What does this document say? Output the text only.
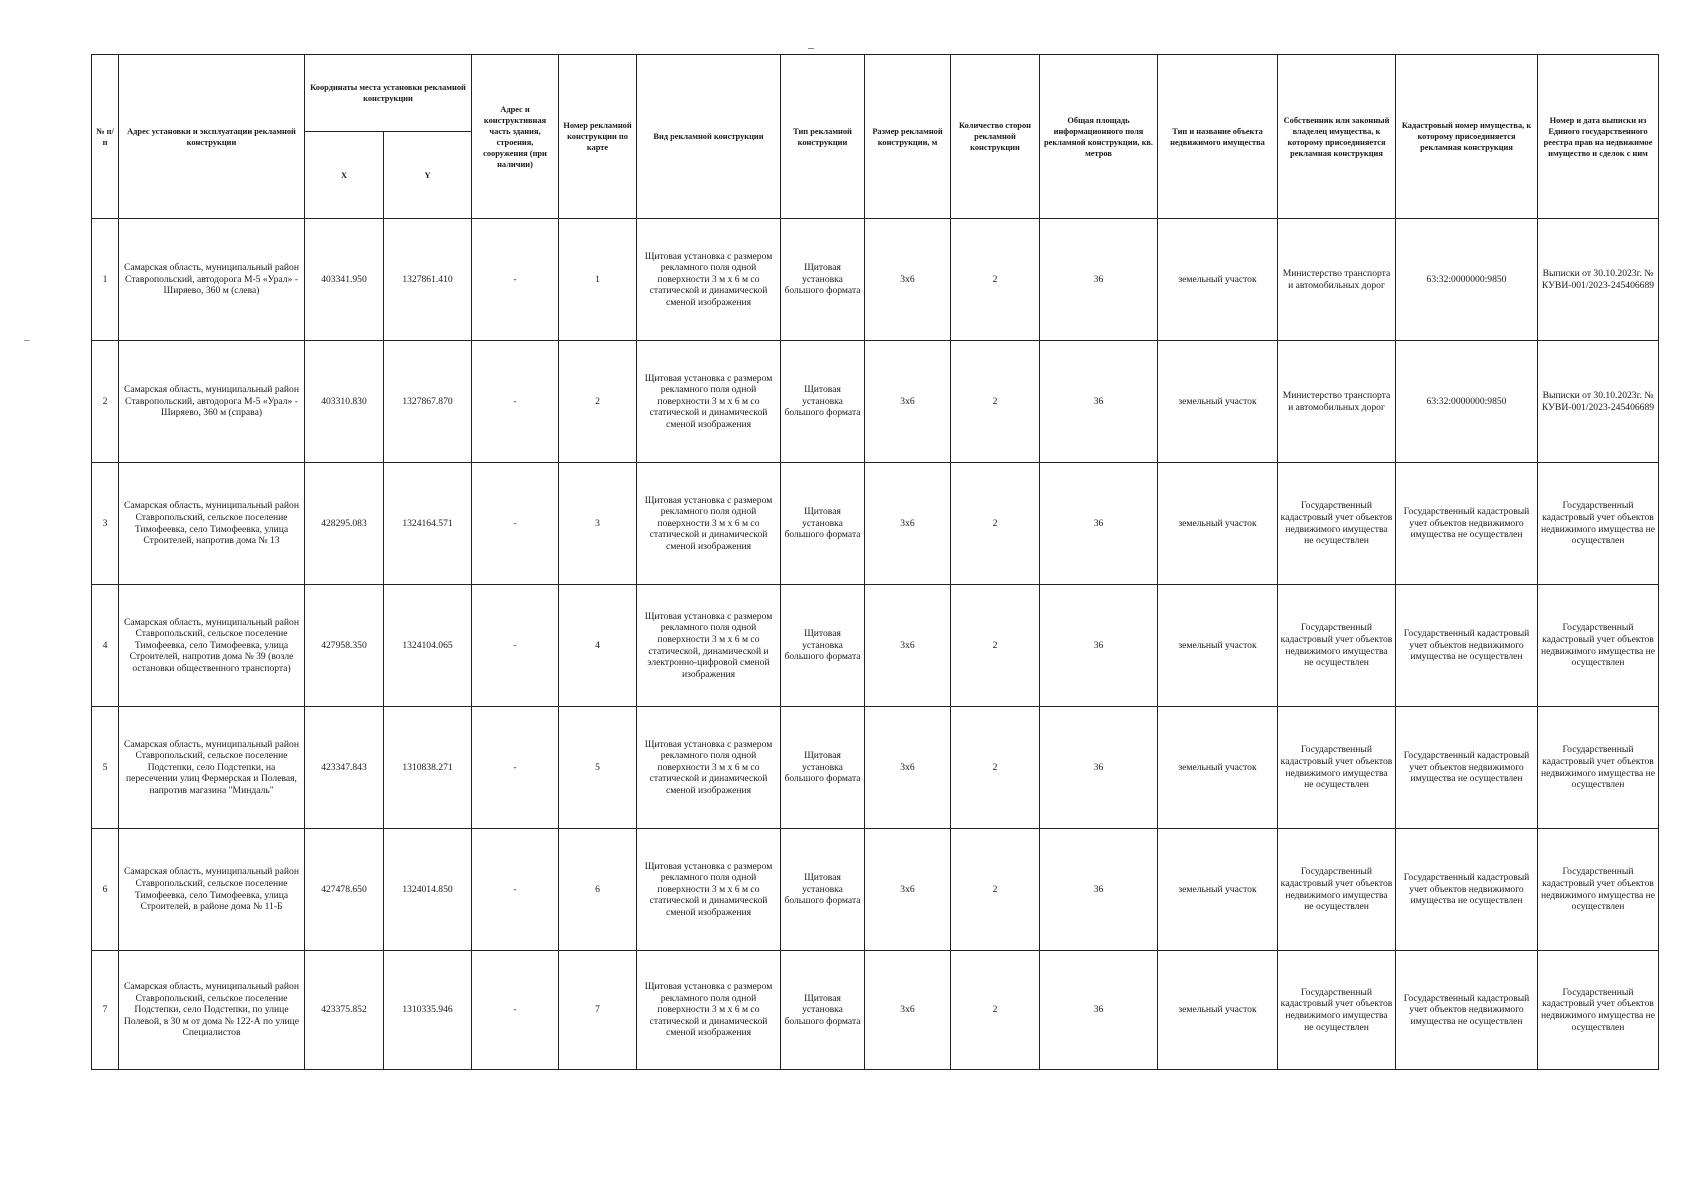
№ п/п	Адрес установки и эксплуатации рекламной конструкции	Координаты места установки рекламной конструкции		Адрес и конструктивная часть здания, строения, сооружения (при наличии)	Номер рекламной конструкции по карте	Вид рекламной конструкции	Тип рекламной конструкции	Размер рекламной конструкции, м	Количество сторон рекламной конструкции	Общая площадь информационного поля рекламной конструкции, кв. метров	Тип и название объекта недвижимого имущества	Собственник или законный владелец имущества, к которому присоединяется рекламная конструкция	Кадастровый номер имущества, к которому присоединяется рекламная конструкция	Номер и дата выписки из Единого государственного реестра прав на недвижимое имущество и сделок с ним
		X	Y											
1	Самарская область, муниципальный район Ставропольский, автодорога М-5 «Урал» - Ширяево, 360 м (слева)	403341.950	1327861.410	-	1	Щитовая установка с размером рекламного поля одной поверхности 3 м х 6 м со статической и динамической сменой изображения	Щитовая установка большого формата	3х6	2	36	земельный участок	Министерство транспорта и автомобильных дорог	63:32:0000000:9850	Выписки от 30.10.2023г. № КУВИ-001/2023-245406689
2	Самарская область, муниципальный район Ставропольский, автодорога М-5 «Урал» - Ширяево, 360 м (справа)	403310.830	1327867.870	-	2	Щитовая установка с размером рекламного поля одной поверхности 3 м х 6 м со статической и динамической сменой изображения	Щитовая установка большого формата	3х6	2	36	земельный участок	Министерство транспорта и автомобильных дорог	63:32:0000000:9850	Выписки от 30.10.2023г. № КУВИ-001/2023-245406689
3	Самарская область, муниципальный район Ставропольский, сельское поселение Тимофеевка, село Тимофеевка, улица Строителей, напротив дома № 13	428295.083	1324164.571	-	3	Щитовая установка с размером рекламного поля одной поверхности 3 м х 6 м со статической и динамической сменой изображения	Щитовая установка большого формата	3х6	2	36	земельный участок	Государственный кадастровый учет объектов недвижимого имущества не осуществлен	Государственный кадастровый учет объектов недвижимого имущества не осуществлен	Государственный кадастровый учет объектов недвижимого имущества не осуществлен
4	Самарская область, муниципальный район Ставропольский, сельское поселение Тимофеевка, село Тимофеевка, улица Строителей, напротив дома № 39 (возле остановки общественного транспорта)	427958.350	1324104.065	-	4	Щитовая установка с размером рекламного поля одной поверхности 3 м х 6 м со статической, динамической и электронно-цифровой сменой изображения	Щитовая установка большого формата	3х6	2	36	земельный участок	Государственный кадастровый учет объектов недвижимого имущества не осуществлен	Государственный кадастровый учет объектов недвижимого имущества не осуществлен	Государственный кадастровый учет объектов недвижимого имущества не осуществлен
5	Самарская область, муниципальный район Ставропольский, сельское поселение Подстепки, село Подстепки, на пересечении улиц Фермерская и Полевая, напротив магазина "Миндаль"	423347.843	1310838.271	-	5	Щитовая установка с размером рекламного поля одной поверхности 3 м х 6 м со статической и динамической сменой изображения	Щитовая установка большого формата	3х6	2	36	земельный участок	Государственный кадастровый учет объектов недвижимого имущества не осуществлен	Государственный кадастровый учет объектов недвижимого имущества не осуществлен	Государственный кадастровый учет объектов недвижимого имущества не осуществлен
6	Самарская область, муниципальный район Ставропольский, сельское поселение Тимофеевка, село Тимофеевка, улица Строителей, в районе дома № 11-Б	427478.650	1324014.850	-	6	Щитовая установка с размером рекламного поля одной поверхности 3 м х 6 м со статической и динамической сменой изображения	Щитовая установка большого формата	3х6	2	36	земельный участок	Государственный кадастровый учет объектов недвижимого имущества не осуществлен	Государственный кадастровый учет объектов недвижимого имущества не осуществлен	Государственный кадастровый учет объектов недвижимого имущества не осуществлен
7	Самарская область, муниципальный район Ставропольский, сельское поселение Подстепки, село Подстепки, по улице Полевой, в 30 м от дома № 122-А по улице Специалистов	423375.852	1310335.946	-	7	Щитовая установка с размером рекламного поля одной поверхности 3 м х 6 м со статической и динамической сменой изображения	Щитовая установка большого формата	3х6	2	36	земельный участок	Государственный кадастровый учет объектов недвижимого имущества не осуществлен	Государственный кадастровый учет объектов недвижимого имущества не осуществлен	Государственный кадастровый учет объектов недвижимого имущества не осуществлен
